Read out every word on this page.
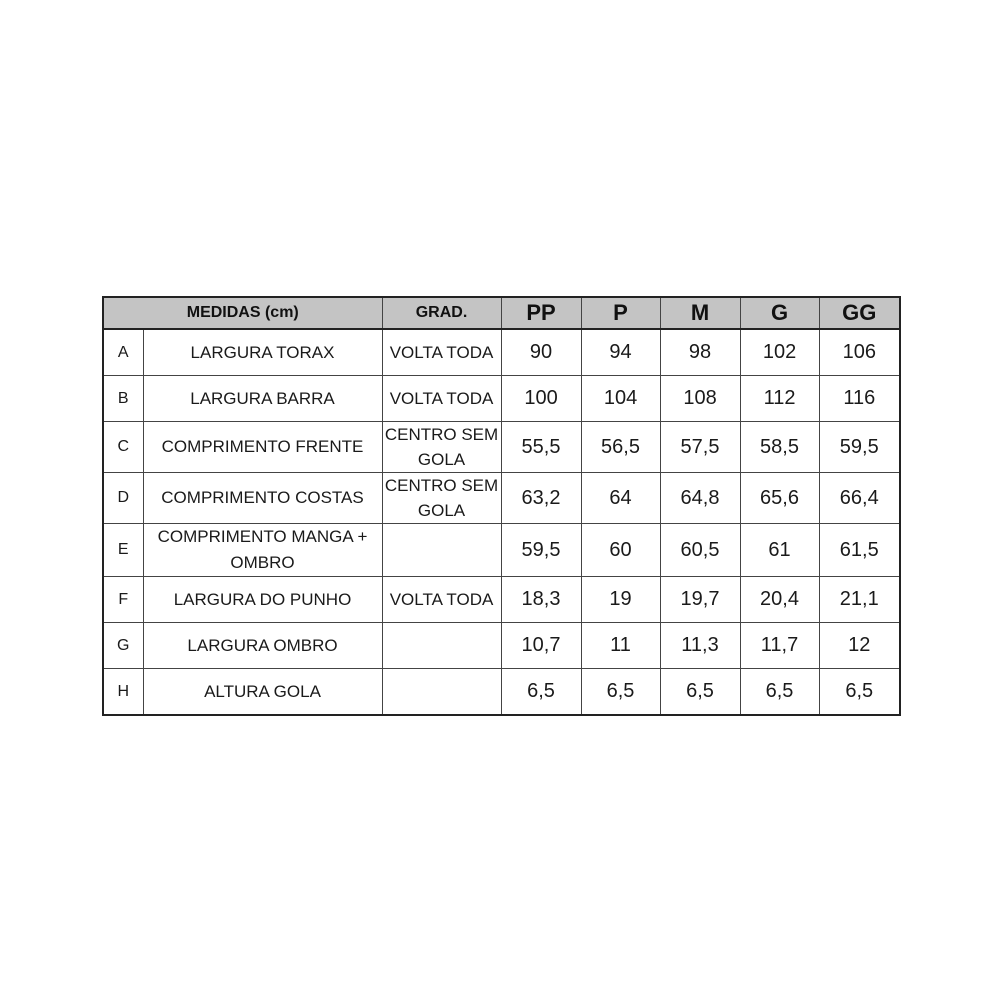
MEDIDAS (cm)		GRAD.	PP	P	M	G	GG
A	LARGURA TORAX	VOLTA TODA	90	94	98	102	106
B	LARGURA BARRA	VOLTA TODA	100	104	108	112	116
C	COMPRIMENTO FRENTE	CENTRO SEM GOLA	55,5	56,5	57,5	58,5	59,5
D	COMPRIMENTO COSTAS	CENTRO SEM GOLA	63,2	64	64,8	65,6	66,4
E	COMPRIMENTO MANGA + OMBRO		59,5	60	60,5	61	61,5
F	LARGURA DO PUNHO	VOLTA TODA	18,3	19	19,7	20,4	21,1
G	LARGURA OMBRO		10,7	11	11,3	11,7	12
H	ALTURA GOLA		6,5	6,5	6,5	6,5	6,5
